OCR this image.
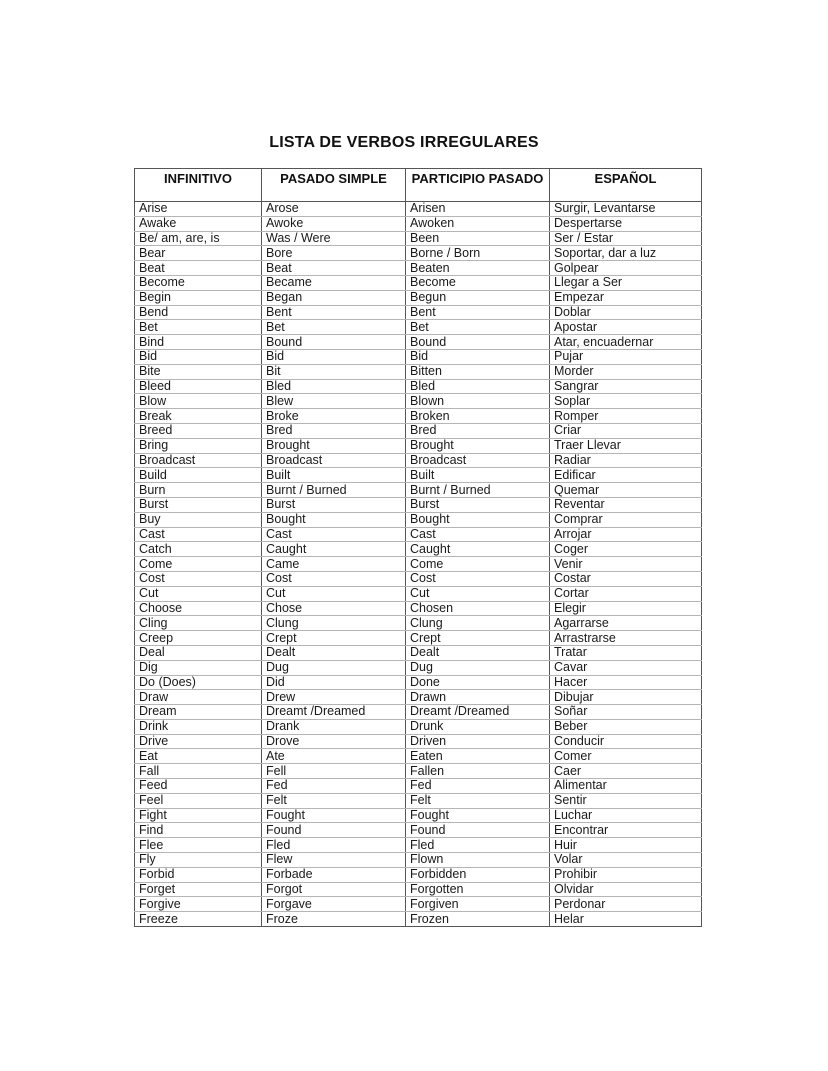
LISTA DE VERBOS IRREGULARES
INFINITIVO	PASADO SIMPLE	PARTICIPIO PASADO	ESPAÑOL
Arise	Arose	Arisen	Surgir, Levantarse
Awake	Awoke	Awoken	Despertarse
Be/ am, are, is	Was / Were	Been	Ser / Estar
Bear	Bore	Borne / Born	Soportar, dar a luz
Beat	Beat	Beaten	Golpear
Become	Became	Become	Llegar a Ser
Begin	Began	Begun	Empezar
Bend	Bent	Bent	Doblar
Bet	Bet	Bet	Apostar
Bind	Bound	Bound	Atar, encuadernar
Bid	Bid	Bid	Pujar
Bite	Bit	Bitten	Morder
Bleed	Bled	Bled	Sangrar
Blow	Blew	Blown	Soplar
Break	Broke	Broken	Romper
Breed	Bred	Bred	Criar
Bring	Brought	Brought	Traer Llevar
Broadcast	Broadcast	Broadcast	Radiar
Build	Built	Built	Edificar
Burn	Burnt / Burned	Burnt / Burned	Quemar
Burst	Burst	Burst	Reventar
Buy	Bought	Bought	Comprar
Cast	Cast	Cast	Arrojar
Catch	Caught	Caught	Coger
Come	Came	Come	Venir
Cost	Cost	Cost	Costar
Cut	Cut	Cut	Cortar
Choose	Chose	Chosen	Elegir
Cling	Clung	Clung	Agarrarse
Creep	Crept	Crept	Arrastrarse
Deal	Dealt	Dealt	Tratar
Dig	Dug	Dug	Cavar
Do (Does)	Did	Done	Hacer
Draw	Drew	Drawn	Dibujar
Dream	Dreamt /Dreamed	Dreamt /Dreamed	Soñar
Drink	Drank	Drunk	Beber
Drive	Drove	Driven	Conducir
Eat	Ate	Eaten	Comer
Fall	Fell	Fallen	Caer
Feed	Fed	Fed	Alimentar
Feel	Felt	Felt	Sentir
Fight	Fought	Fought	Luchar
Find	Found	Found	Encontrar
Flee	Fled	Fled	Huir
Fly	Flew	Flown	Volar
Forbid	Forbade	Forbidden	Prohibir
Forget	Forgot	Forgotten	Olvidar
Forgive	Forgave	Forgiven	Perdonar
Freeze	Froze	Frozen	Helar
